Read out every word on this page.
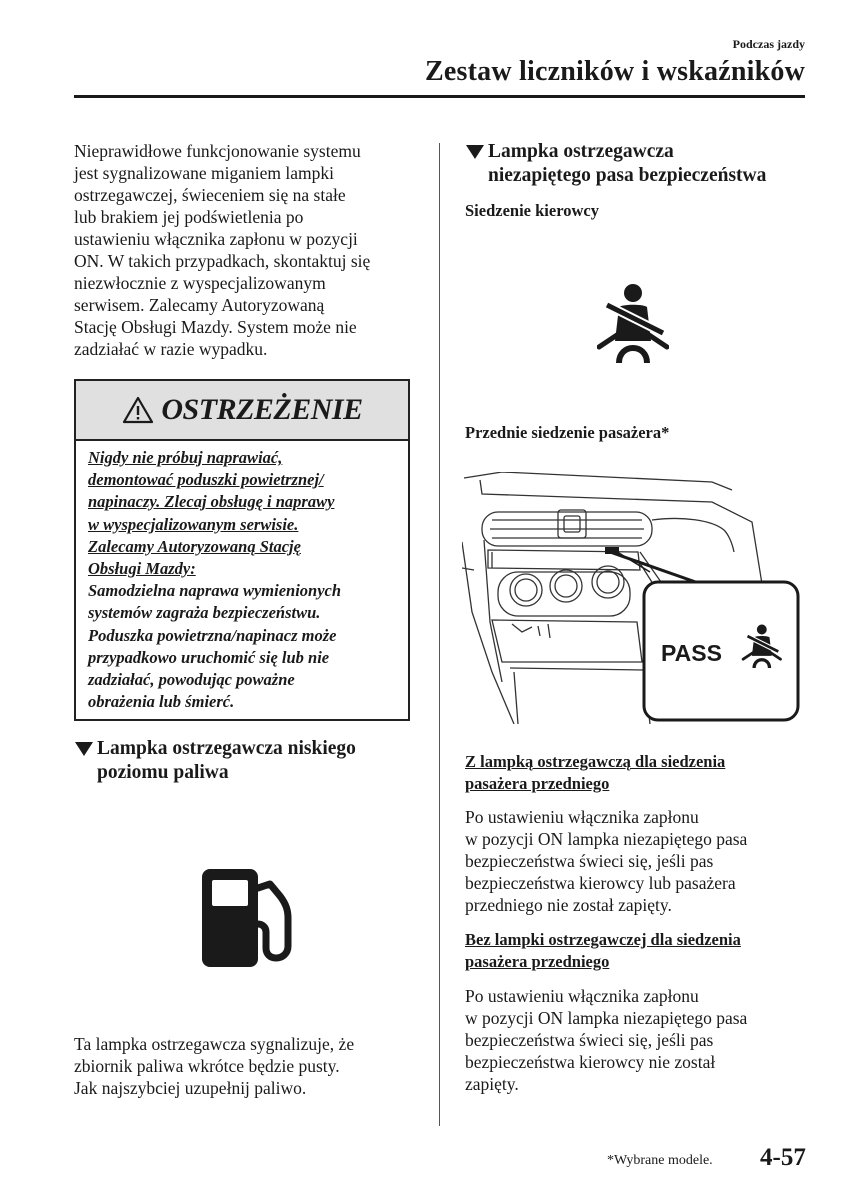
Podczas jazdy
Zestaw liczników i wskaźników
Nieprawidłowe funkcjonowanie systemu
jest sygnalizowane miganiem lampki
ostrzegawczej, świeceniem się na stałe
lub brakiem jej podświetlenia po
ustawieniu włącznika zapłonu w pozycji
ON. W takich przypadkach, skontaktuj się
niezwłocznie z wyspecjalizowanym
serwisem. Zalecamy Autoryzowaną
Stację Obsługi Mazdy. System może nie
zadziałać w razie wypadku.
OSTRZEŻENIE
Nigdy nie próbuj naprawiać,
demontować poduszki powietrznej/
napinaczy. Zlecaj obsługę i naprawy
w wyspecjalizowanym serwisie.
Zalecamy Autoryzowaną Stację
Obsługi Mazdy:
Samodzielna naprawa wymienionych
systemów zagraża bezpieczeństwu.
Poduszka powietrzna/napinacz może
przypadkowo uruchomić się lub nie
zadziałać, powodując poważne
obrażenia lub śmierć.
Lampka ostrzegawcza niskiego
poziomu paliwa
Ta lampka ostrzegawcza sygnalizuje, że
zbiornik paliwa wkrótce będzie pusty.
Jak najszybciej uzupełnij paliwo.
Lampka ostrzegawcza
niezapiętego pasa bezpieczeństwa
Siedzenie kierowcy
Przednie siedzenie pasażera*
PASS
Z lampką ostrzegawczą dla siedzenia
pasażera przedniego
Po ustawieniu włącznika zapłonu
w pozycji ON lampka niezapiętego pasa
bezpieczeństwa świeci się, jeśli pas
bezpieczeństwa kierowcy lub pasażera
przedniego nie został zapięty.
Bez lampki ostrzegawczej dla siedzenia
pasażera przedniego
Po ustawieniu włącznika zapłonu
w pozycji ON lampka niezapiętego pasa
bezpieczeństwa świeci się, jeśli pas
bezpieczeństwa kierowcy nie został
zapięty.
*Wybrane modele. 4-57
